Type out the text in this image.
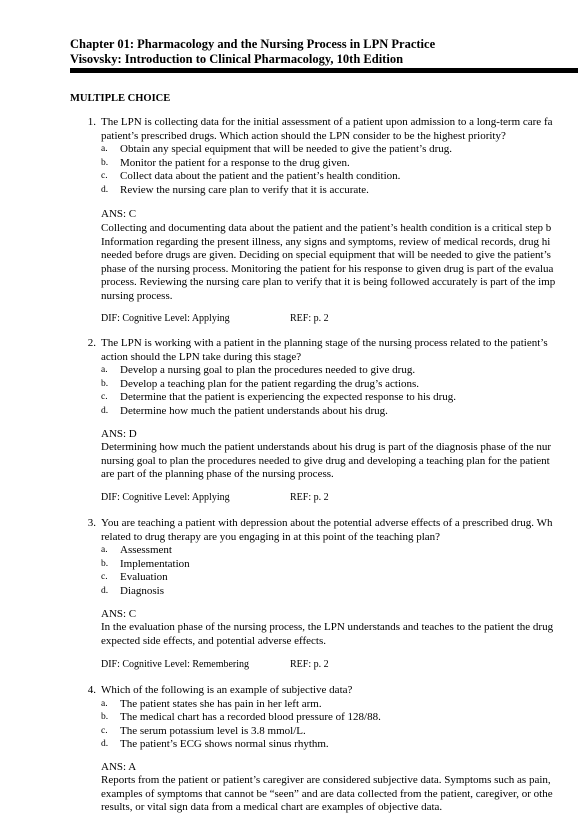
Chapter 01: Pharmacology and the Nursing Process in LPN Practice
Visovsky: Introduction to Clinical Pharmacology, 10th Edition
MULTIPLE CHOICE
1. The LPN is collecting data for the initial assessment of a patient upon admission to a long-term care fa
patient’s prescribed drugs. Which action should the LPN consider to be the highest priority?
a. Obtain any special equipment that will be needed to give the patient’s drug.
b. Monitor the patient for a response to the drug given.
c. Collect data about the patient and the patient’s health condition.
d. Review the nursing care plan to verify that it is accurate.
ANS: C
Collecting and documenting data about the patient and the patient’s health condition is a critical step b
Information regarding the present illness, any signs and symptoms, review of medical records, drug hi
needed before drugs are given. Deciding on special equipment that will be needed to give the patient’s
phase of the nursing process. Monitoring the patient for his response to given drug is part of the evalua
process. Reviewing the nursing care plan to verify that it is being followed accurately is part of the imp
nursing process.
DIF: Cognitive Level: Applying	REF: p. 2
2. The LPN is working with a patient in the planning stage of the nursing process related to the patient’s
action should the LPN take during this stage?
a. Develop a nursing goal to plan the procedures needed to give drug.
b. Develop a teaching plan for the patient regarding the drug’s actions.
c. Determine that the patient is experiencing the expected response to his drug.
d. Determine how much the patient understands about his drug.
ANS: D
Determining how much the patient understands about his drug is part of the diagnosis phase of the nur
nursing goal to plan the procedures needed to give drug and developing a teaching plan for the patient
are part of the planning phase of the nursing process.
DIF: Cognitive Level: Applying	REF: p. 2
3. You are teaching a patient with depression about the potential adverse effects of a prescribed drug. Wh
related to drug therapy are you engaging in at this point of the teaching plan?
a. Assessment
b. Implementation
c. Evaluation
d. Diagnosis
ANS: C
In the evaluation phase of the nursing process, the LPN understands and teaches to the patient the drug
expected side effects, and potential adverse effects.
DIF: Cognitive Level: Remembering	REF: p. 2
4. Which of the following is an example of subjective data?
a. The patient states she has pain in her left arm.
b. The medical chart has a recorded blood pressure of 128/88.
c. The serum potassium level is 3.8 mmol/L.
d. The patient’s ECG shows normal sinus rhythm.
ANS: A
Reports from the patient or patient’s caregiver are considered subjective data. Symptoms such as pain,
examples of symptoms that cannot be “seen” and are data collected from the patient, caregiver, or othe
results, or vital sign data from a medical chart are examples of objective data.
